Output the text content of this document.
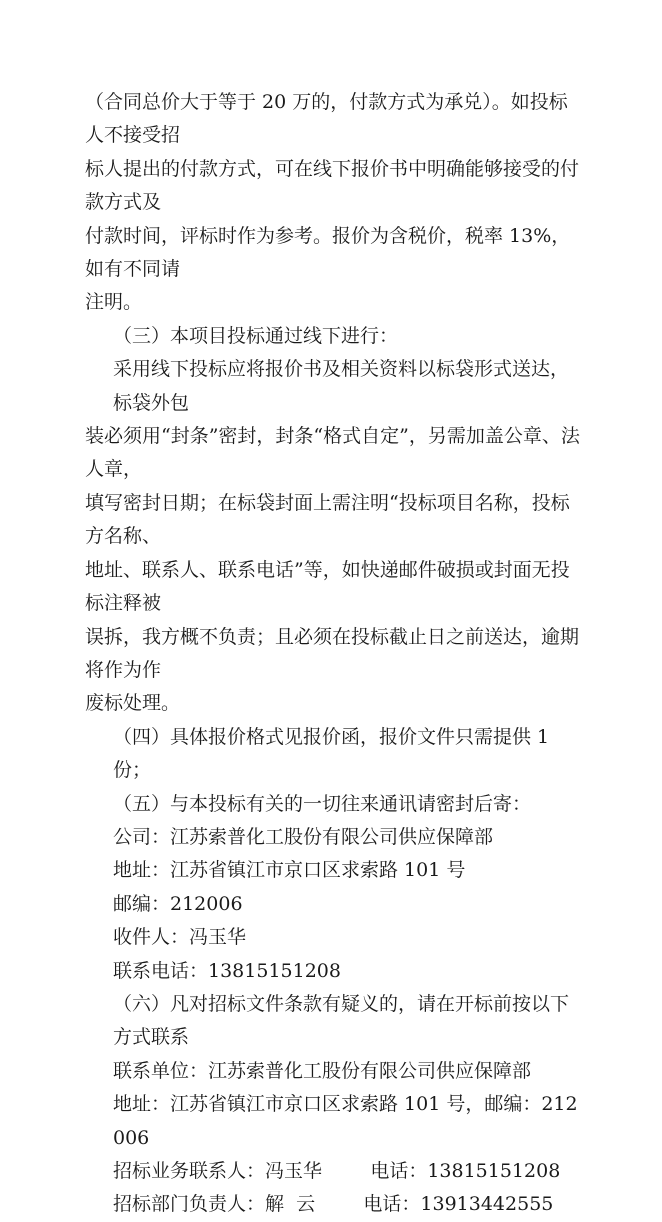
（合同总价大于等于 20 万的，付款方式为承兑）。如投标人不接受招
标人提出的付款方式，可在线下报价书中明确能够接受的付款方式及
付款时间，评标时作为参考。报价为含税价，税率 13%，如有不同请
注明。
（三）本项目投标通过线下进行：
采用线下投标应将报价书及相关资料以标袋形式送达，标袋外包
装必须用“封条”密封，封条“格式自定”，另需加盖公章、法人章，
填写密封日期；在标袋封面上需注明“投标项目名称，投标方名称、
地址、联系人、联系电话”等，如快递邮件破损或封面无投标注释被
误拆，我方概不负责；且必须在投标截止日之前送达，逾期将作为作
废标处理。
（四）具体报价格式见报价函，报价文件只需提供 1 份；
（五）与本投标有关的一切往来通讯请密封后寄：
公司：江苏索普化工股份有限公司供应保障部
地址：江苏省镇江市京口区求索路 101 号
邮编：212006
收件人：冯玉华
联系电话：13815151208
（六）凡对招标文件条款有疑义的，请在开标前按以下方式联系
联系单位：江苏索普化工股份有限公司供应保障部
地址：江苏省镇江市京口区求索路 101 号，邮编：212006
招标业务联系人：冯玉华        电话：13815151208
招标部门负责人：解  云        电话：13913442555
